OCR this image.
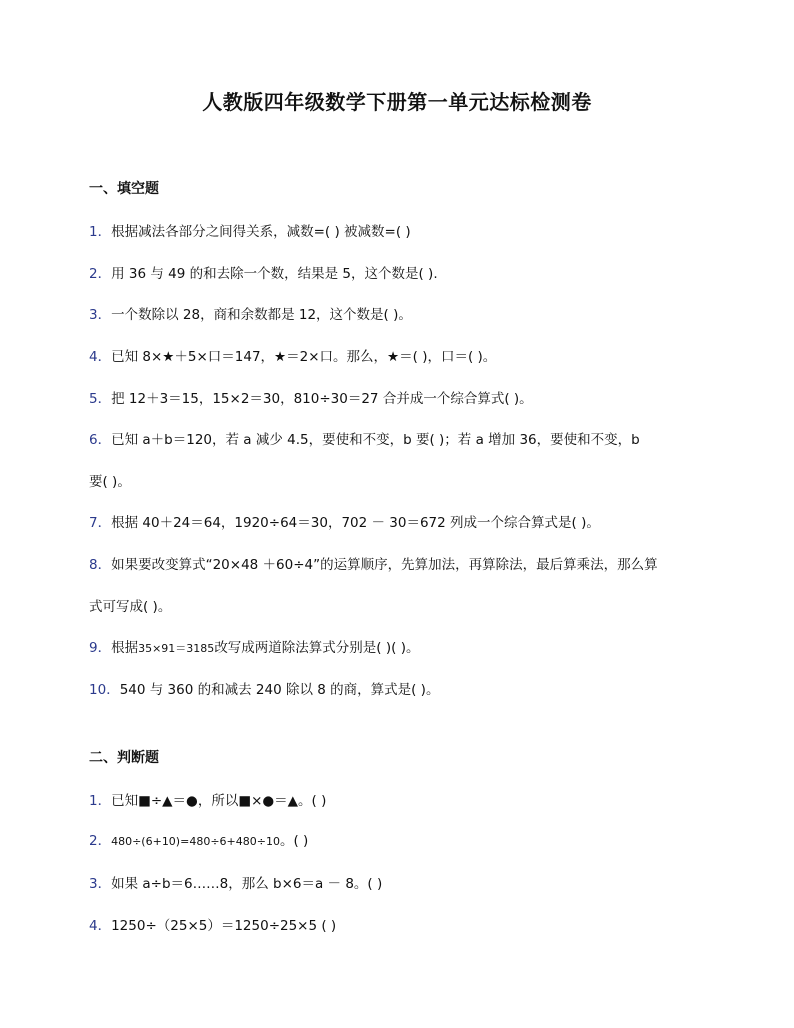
人教版四年级数学下册第一单元达标检测卷
一、填空题
1．根据减法各部分之间得关系，减数=( ) 被减数=( )
2．用 36 与 49 的和去除一个数，结果是 5，这个数是( ).
3．一个数除以 28，商和余数都是 12，这个数是( )。
4．已知 8×★＋5×口＝147，★＝2×口。那么，★＝( )，口＝( )。
5．把 12＋3＝15，15×2＝30，810÷30＝27 合并成一个综合算式( )。
6．已知 a＋b＝120，若 a 减少 4.5，要使和不变，b 要( )；若 a 增加 36，要使和不变，b
要( )。
7．根据 40＋24＝64，1920÷64＝30，702 － 30＝672 列成一个综合算式是( )。
8．如果要改变算式“20×48 ＋60÷4”的运算顺序，先算加法，再算除法，最后算乘法，那么算
式可写成( )。
9．根据35×91＝3185改写成两道除法算式分别是( )( )。
10．540 与 360 的和减去 240 除以 8 的商，算式是( )。
二、判断题
1．已知■÷▲＝●，所以■×●＝▲。( )
2．480÷(6+10)=480÷6+480÷10。( )
3．如果 a÷b＝6……8，那么 b×6＝a － 8。( )
4．1250÷（25×5）＝1250÷25×5 ( )
